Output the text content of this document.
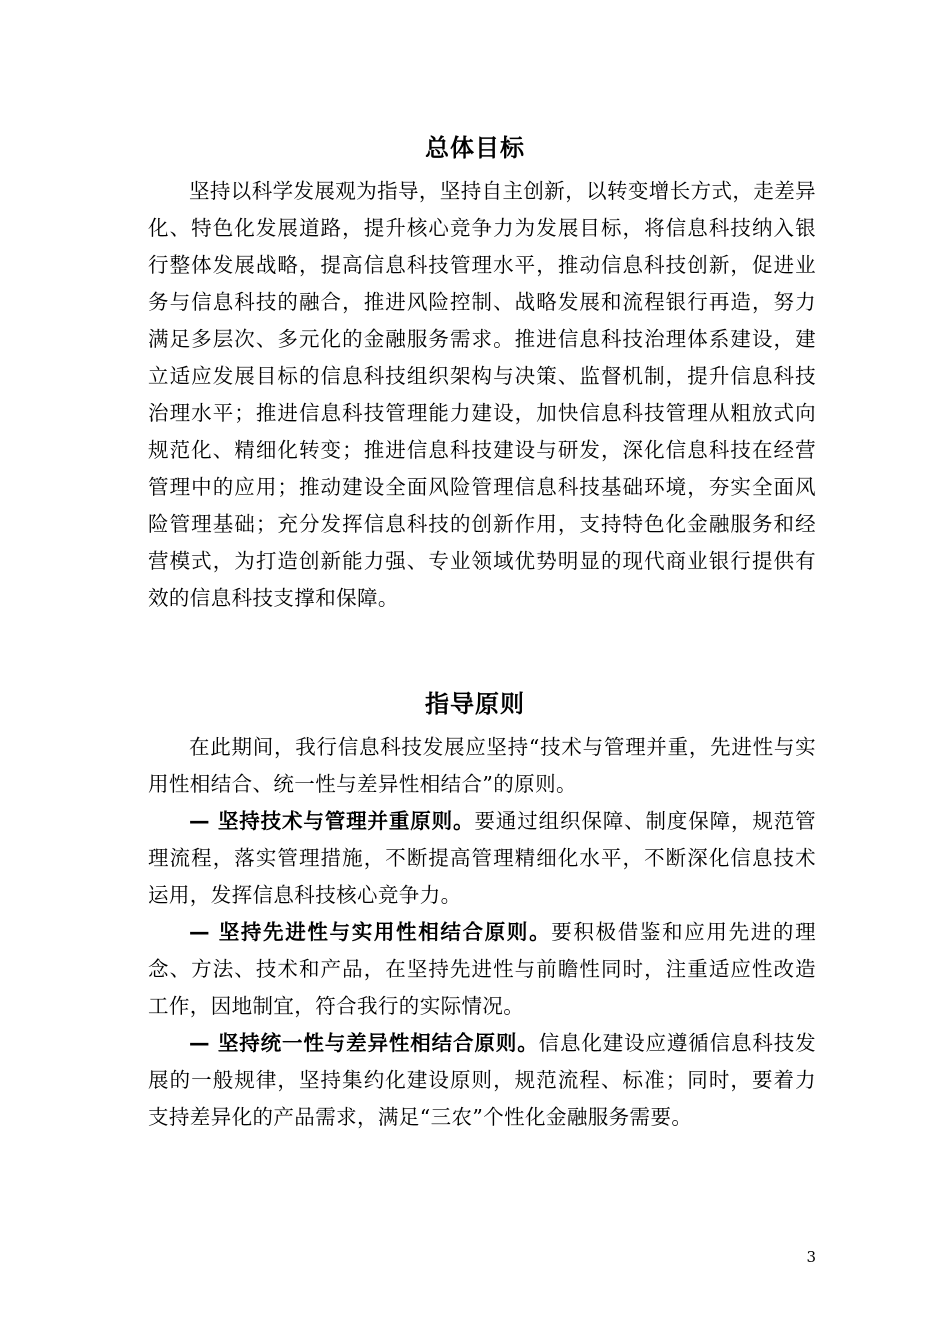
总体目标

坚持以科学发展观为指导，坚持自主创新，以转变增长方式，走差异化、特色化发展道路，提升核心竞争力为发展目标，将信息科技纳入银行整体发展战略，提高信息科技管理水平，推动信息科技创新，促进业务与信息科技的融合，推进风险控制、战略发展和流程银行再造，努力满足多层次、多元化的金融服务需求。推进信息科技治理体系建设，建立适应发展目标的信息科技组织架构与决策、监督机制，提升信息科技治理水平；推进信息科技管理能力建设，加快信息科技管理从粗放式向规范化、精细化转变；推进信息科技建设与研发，深化信息科技在经营管理中的应用；推动建设全面风险管理信息科技基础环境，夯实全面风险管理基础；充分发挥信息科技的创新作用，支持特色化金融服务和经营模式，为打造创新能力强、专业领域优势明显的现代商业银行提供有效的信息科技支撑和保障。

指导原则

在此期间，我行信息科技发展应坚持“技术与管理并重，先进性与实用性相结合、统一性与差异性相结合”的原则。

— 坚持技术与管理并重原则。要通过组织保障、制度保障，规范管理流程，落实管理措施，不断提高管理精细化水平，不断深化信息技术运用，发挥信息科技核心竞争力。

— 坚持先进性与实用性相结合原则。要积极借鉴和应用先进的理念、方法、技术和产品，在坚持先进性与前瞻性同时，注重适应性改造工作，因地制宜，符合我行的实际情况。

— 坚持统一性与差异性相结合原则。信息化建设应遵循信息科技发展的一般规律，坚持集约化建设原则，规范流程、标准；同时，要着力支持差异化的产品需求，满足“三农”个性化金融服务需要。

3
